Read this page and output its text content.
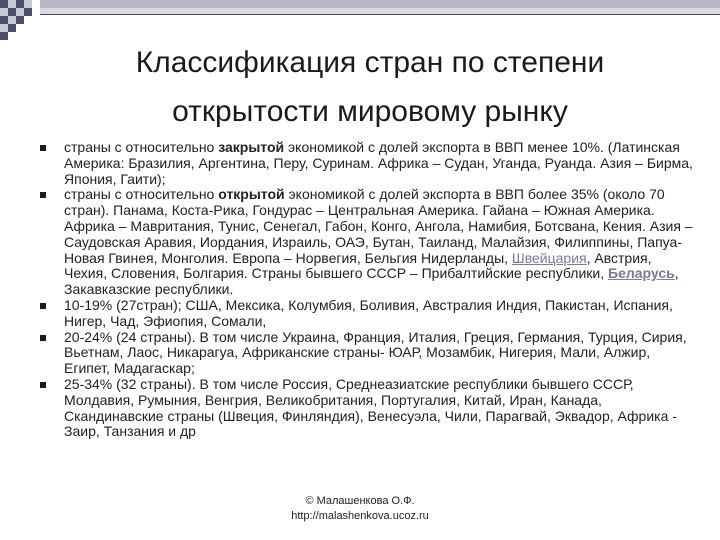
Классификация стран по степени
открытости мировому рынку
страны с относительно закрытой экономикой с долей экспорта в ВВП менее 10%. (Латинская Америка: Бразилия, Аргентина, Перу, Суринам. Африка – Судан, Уганда, Руанда. Азия – Бирма, Япония, Гаити);
страны с относительно открытой экономикой с долей экспорта в ВВП более 35% (около 70 стран). Панама, Коста-Рика, Гондурас – Центральная Америка. Гайана – Южная Америка. Африка – Мавритания, Тунис, Сенегал, Габон, Конго, Ангола, Намибия, Ботсвана, Кения. Азия – Саудовская Аравия, Иордания, Израиль, ОАЭ, Бутан, Таиланд, Малайзия, Филиппины, Папуа-Новая Гвинея, Монголия. Европа – Норвегия, Бельгия Нидерланды, Швейцария, Австрия, Чехия, Словения, Болгария. Страны бывшего СССР – Прибалтийские республики, Беларусь, Закавказские республики.
10-19% (27стран); США, Мексика, Колумбия, Боливия, Австралия Индия, Пакистан, Испания, Нигер, Чад, Эфиопия, Сомали,
20-24% (24 страны). В том числе Украина, Франция, Италия, Греция, Германия, Турция, Сирия, Вьетнам, Лаос, Никарагуа, Африканские страны- ЮАР, Мозамбик, Нигерия, Мали, Алжир, Египет, Мадагаскар;
25-34% (32 страны). В том числе Россия, Среднеазиатские республики бывшего СССР, Молдавия, Румыния, Венгрия, Великобритания, Португалия, Китай, Иран, Канада, Скандинавские страны (Швеция, Финляндия), Венесуэла, Чили, Парагвай, Эквадор, Африка - Заир, Танзания и др
© Малашенкова О.Ф.
http://malashenkova.ucoz.ru
